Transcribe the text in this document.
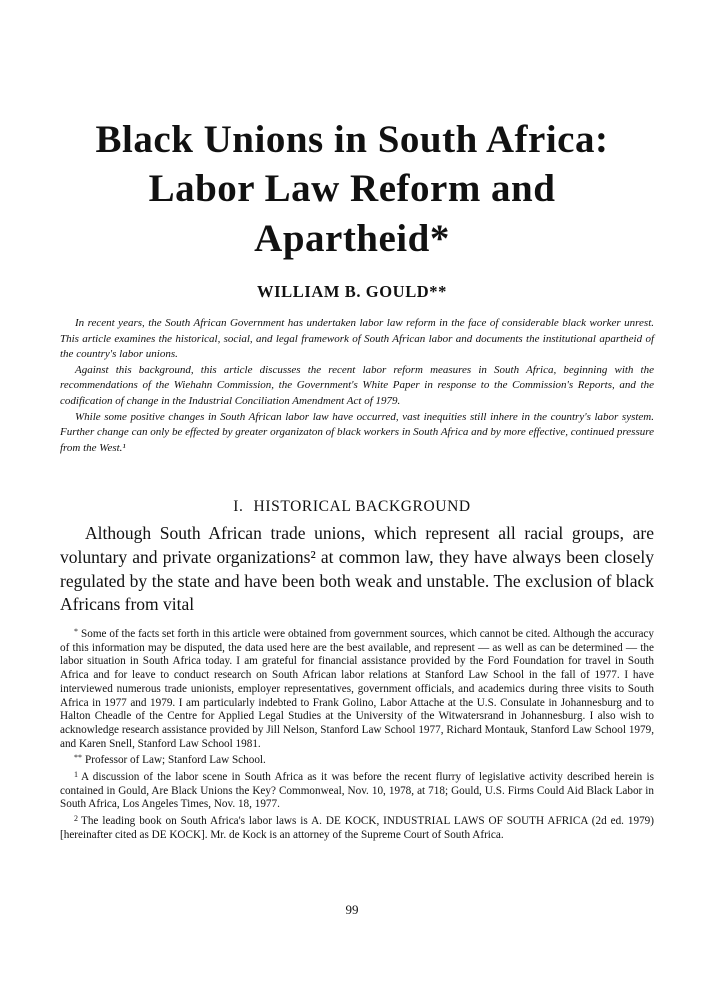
Black Unions in South Africa:
Labor Law Reform and
Apartheid*
WILLIAM B. GOULD**

In recent years, the South African Government has undertaken labor law reform in the face of considerable black worker unrest. This article examines the historical, social, and legal framework of South African labor and documents the institutional apartheid of the country's labor unions.

Against this background, this article discusses the recent labor reform measures in South Africa, beginning with the recommendations of the Wiehahn Commission, the Government's White Paper in response to the Commission's Reports, and the codification of change in the Industrial Conciliation Amendment Act of 1979.

While some positive changes in South African labor law have occurred, vast inequities still inhere in the country's labor system. Further change can only be effected by greater organizaton of black workers in South Africa and by more effective, continued pressure from the West.¹

I. HISTORICAL BACKGROUND

Although South African trade unions, which represent all racial groups, are voluntary and private organizations² at common law, they have always been closely regulated by the state and have been both weak and unstable. The exclusion of black Africans from vital

* Some of the facts set forth in this article were obtained from government sources, which cannot be cited. Although the accuracy of this information may be disputed, the data used here are the best available, and represent — as well as can be determined — the labor situation in South Africa today. I am grateful for financial assistance provided by the Ford Foundation for travel in South Africa and for leave to conduct research on South African labor relations at Stanford Law School in the fall of 1977. I have interviewed numerous trade unionists, employer representatives, government officials, and academics during three visits to South Africa in 1977 and 1979. I am particularly indebted to Frank Golino, Labor Attache at the U.S. Consulate in Johannesburg and to Halton Cheadle of the Centre for Applied Legal Studies at the University of the Witwatersrand in Johannesburg. I also wish to acknowledge research assistance provided by Jill Nelson, Stanford Law School 1977, Richard Montauk, Stanford Law School 1979, and Karen Snell, Stanford Law School 1981.

** Professor of Law; Stanford Law School.

$^1$ A discussion of the labor scene in South Africa as it was before the recent flurry of legislative activity described herein is contained in Gould, Are Black Unions the Key? Commonweal, Nov. 10, 1978, at 718; Gould, U.S. Firms Could Aid Black Labor in South Africa, Los Angeles Times, Nov. 18, 1977.

$^2$ The leading book on South Africa's labor laws is A. DE KOCK, INDUSTRIAL LAWS OF SOUTH AFRICA (2d ed. 1979) [hereinafter cited as DE KOCK]. Mr. de Kock is an attorney of the Supreme Court of South Africa.

99
